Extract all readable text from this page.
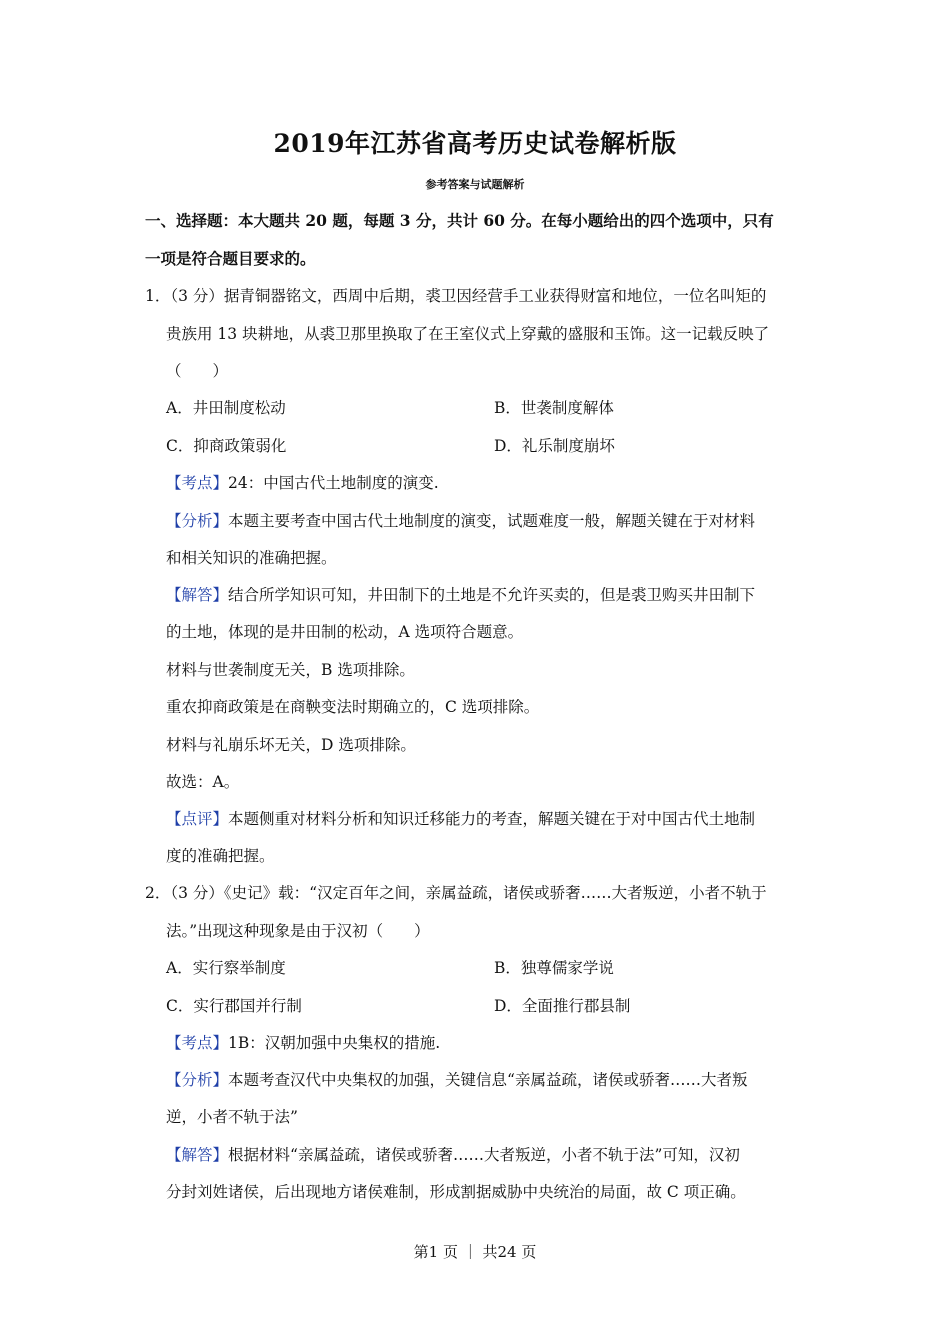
2019年江苏省高考历史试卷解析版
参考答案与试题解析
一、选择题：本大题共 20 题，每题 3 分，共计 60 分。在每小题给出的四个选项中，只有
一项是符合题目要求的。
1．（3 分）据青铜器铭文，西周中后期，裘卫因经营手工业获得财富和地位，一位名叫矩的
贵族用 13 块耕地，从裘卫那里换取了在王室仪式上穿戴的盛服和玉饰。这一记载反映了
（　　）
A．井田制度松动	B．世袭制度解体
C．抑商政策弱化	D．礼乐制度崩坏
【考点】24：中国古代土地制度的演变.
【分析】本题主要考查中国古代土地制度的演变，试题难度一般，解题关键在于对材料
和相关知识的准确把握。
【解答】结合所学知识可知，井田制下的土地是不允许买卖的，但是裘卫购买井田制下
的土地，体现的是井田制的松动，A 选项符合题意。
材料与世袭制度无关，B 选项排除。
重农抑商政策是在商鞅变法时期确立的，C 选项排除。
材料与礼崩乐坏无关，D 选项排除。
故选：A。
【点评】本题侧重对材料分析和知识迁移能力的考查，解题关键在于对中国古代土地制
度的准确把握。
2．（3 分）《史记》载：“汉定百年之间，亲属益疏，诸侯或骄奢……大者叛逆，小者不轨于
法。”出现这种现象是由于汉初（　　）
A．实行察举制度	B．独尊儒家学说
C．实行郡国并行制	D．全面推行郡县制
【考点】1B：汉朝加强中央集权的措施.
【分析】本题考查汉代中央集权的加强，关键信息“亲属益疏，诸侯或骄奢……大者叛
逆，小者不轨于法”
【解答】根据材料“亲属益疏，诸侯或骄奢……大者叛逆，小者不轨于法”可知，汉初
分封刘姓诸侯，后出现地方诸侯难制，形成割据威胁中央统治的局面，故 C 项正确。
第1 页 ｜ 共24 页
